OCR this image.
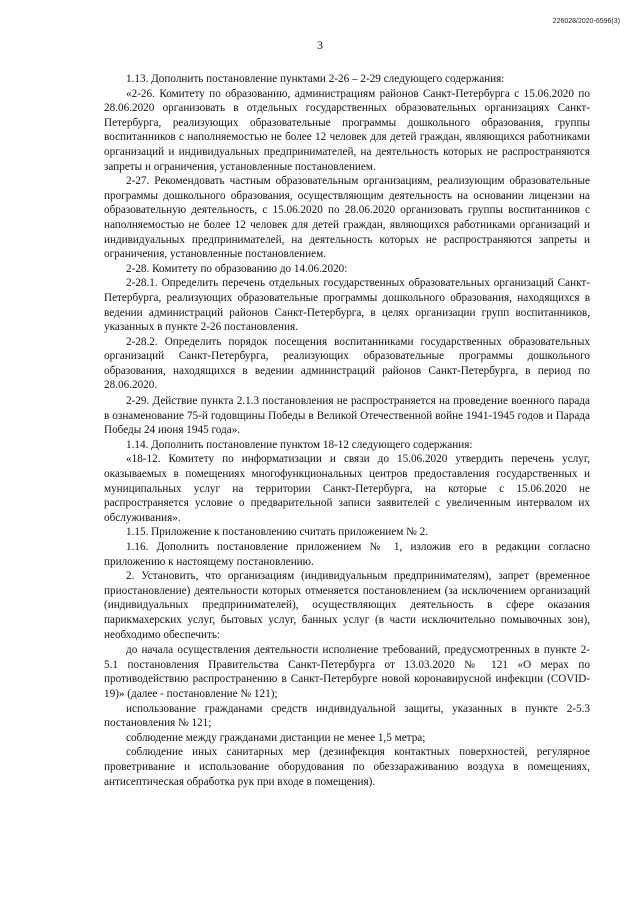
226028/2020-6596(3)
3

1.13. Дополнить постановление пунктами 2-26 – 2-29 следующего содержания:

«2-26. Комитету по образованию, администрациям районов Санкт-Петербурга с 15.06.2020 по 28.06.2020 организовать в отдельных государственных образовательных организациях Санкт-Петербурга, реализующих образовательные программы дошкольного образования, группы воспитанников с наполняемостью не более 12 человек для детей граждан, являющихся работниками организаций и индивидуальных предпринимателей, на деятельность которых не распространяются запреты и ограничения, установленные постановлением.

2-27. Рекомендовать частным образовательным организациям, реализующим образовательные программы дошкольного образования, осуществляющим деятельность на основании лицензии на образовательную деятельность, с 15.06.2020 по 28.06.2020 организовать группы воспитанников с наполняемостью не более 12 человек для детей граждан, являющихся работниками организаций и индивидуальных предпринимателей, на деятельность которых не распространяются запреты и ограничения, установленные постановлением.

2-28. Комитету по образованию до 14.06.2020:

2-28.1. Определить перечень отдельных государственных образовательных организаций Санкт-Петербурга, реализующих образовательные программы дошкольного образования, находящихся в ведении администраций районов Санкт-Петербурга, в целях организации групп воспитанников, указанных в пункте 2-26 постановления.

2-28.2. Определить порядок посещения воспитанниками государственных образовательных организаций Санкт-Петербурга, реализующих образовательные программы дошкольного образования, находящихся в ведении администраций районов Санкт-Петербурга, в период по 28.06.2020.

2-29. Действие пункта 2.1.3 постановления не распространяется на проведение военного парада в ознаменование 75-й годовщины Победы в Великой Отечественной войне 1941-1945 годов и Парада Победы 24 июня 1945 года».

1.14. Дополнить постановление пунктом 18-12 следующего содержания:

«18-12. Комитету по информатизации и связи до 15.06.2020 утвердить перечень услуг, оказываемых в помещениях многофункциональных центров предоставления государственных и муниципальных услуг на территории Санкт-Петербурга, на которые с 15.06.2020 не распространяется условие о предварительной записи заявителей с увеличенным интервалом их обслуживания».

1.15. Приложение к постановлению считать приложением № 2.

1.16. Дополнить постановление приложением № 1, изложив его в редакции согласно приложению к настоящему постановлению.

2. Установить, что организациям (индивидуальным предпринимателям), запрет (временное приостановление) деятельности которых отменяется постановлением (за исключением организаций (индивидуальных предпринимателей), осуществляющих деятельность в сфере оказания парикмахерских услуг, бытовых услуг, банных услуг (в части исключительно помывочных зон), необходимо обеспечить:

до начала осуществления деятельности исполнение требований, предусмотренных в пункте 2-5.1 постановления Правительства Санкт-Петербурга от 13.03.2020 № 121 «О мерах по противодействию распространению в Санкт-Петербурге новой коронавирусной инфекции (COVID-19)» (далее - постановление № 121);

использование гражданами средств индивидуальной защиты, указанных в пункте 2-5.3 постановления № 121;

соблюдение между гражданами дистанции не менее 1,5 метра;

соблюдение иных санитарных мер (дезинфекция контактных поверхностей, регулярное проветривание и использование оборудования по обеззараживанию воздуха в помещениях, антисептическая обработка рук при входе в помещения).
